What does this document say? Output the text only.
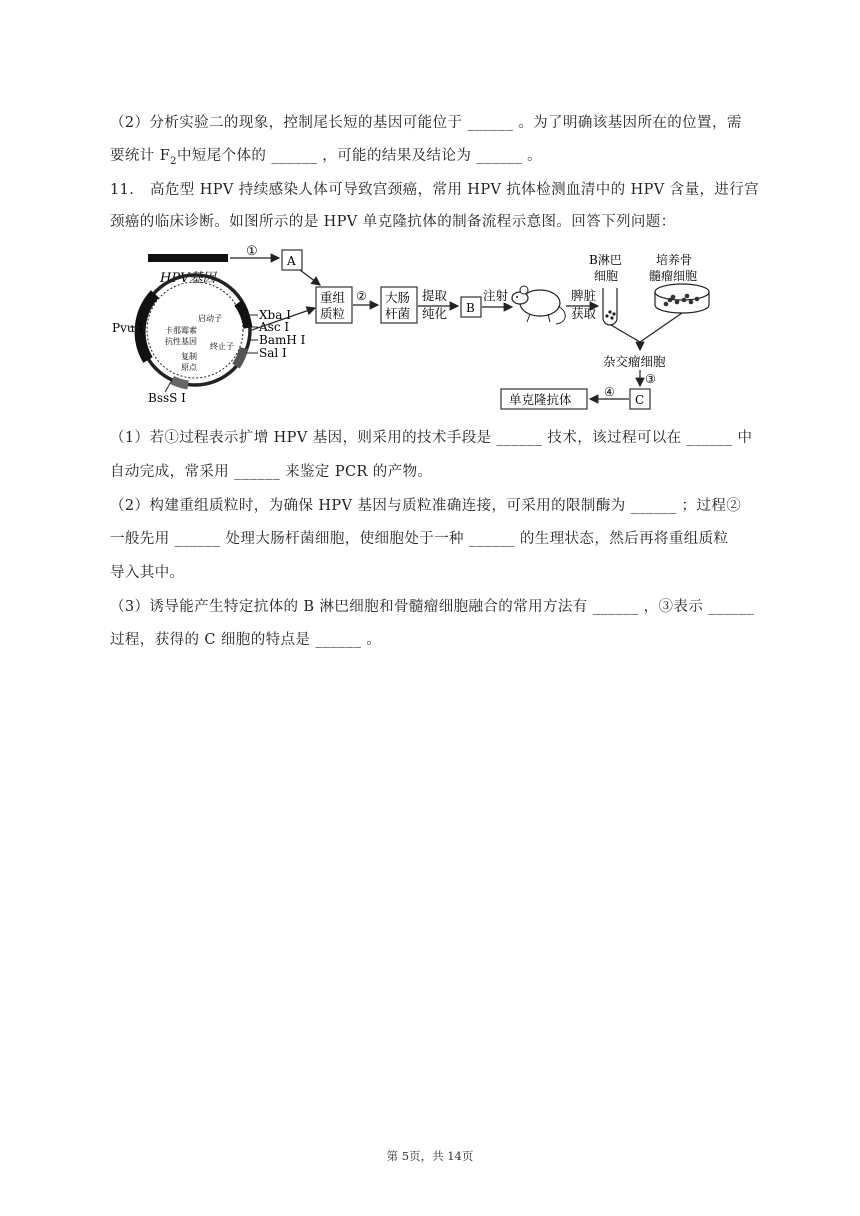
（2）分析实验二的现象，控制尾长短的基因可能位于 ______ 。为了明确该基因所在的位置，需
要统计 $F_2$中短尾个体的 ______ ，可能的结果及结论为 ______ 。
11. 高危型 HPV 持续感染人体可导致宫颈癌，常用 HPV 抗体检测血清中的 HPV 含量，进行宫
颈癌的临床诊断。如图所示的是 HPV 单克隆抗体的制备流程示意图。回答下列问题：
HPV基因
①
A
启动子
卡那霉素
抗性基因
复制
原点
终止子
Xba I
Asc I
BamH I
Sal I
Pvu I
BssS I
重组
质粒
② 大肠
杆菌
提取
纯化 B
注射	脾脏
获取
B淋巴
细胞
培养骨
髓瘤细胞
杂交瘤细胞
③
C
④
单克隆抗体
（1）若①过程表示扩增 HPV 基因，则采用的技术手段是 ______ 技术，该过程可以在 ______ 中
自动完成，常采用 ______ 来鉴定 PCR 的产物。
（2）构建重组质粒时，为确保 HPV 基因与质粒准确连接，可采用的限制酶为 ______ ；过程②
一般先用 ______ 处理大肠杆菌细胞，使细胞处于一种 ______ 的生理状态，然后再将重组质粒
导入其中。
（3）诱导能产生特定抗体的 B 淋巴细胞和骨髓瘤细胞融合的常用方法有 ______ ，③表示 ______
过程，获得的 C 细胞的特点是 ______ 。
第 5页，共 14页
